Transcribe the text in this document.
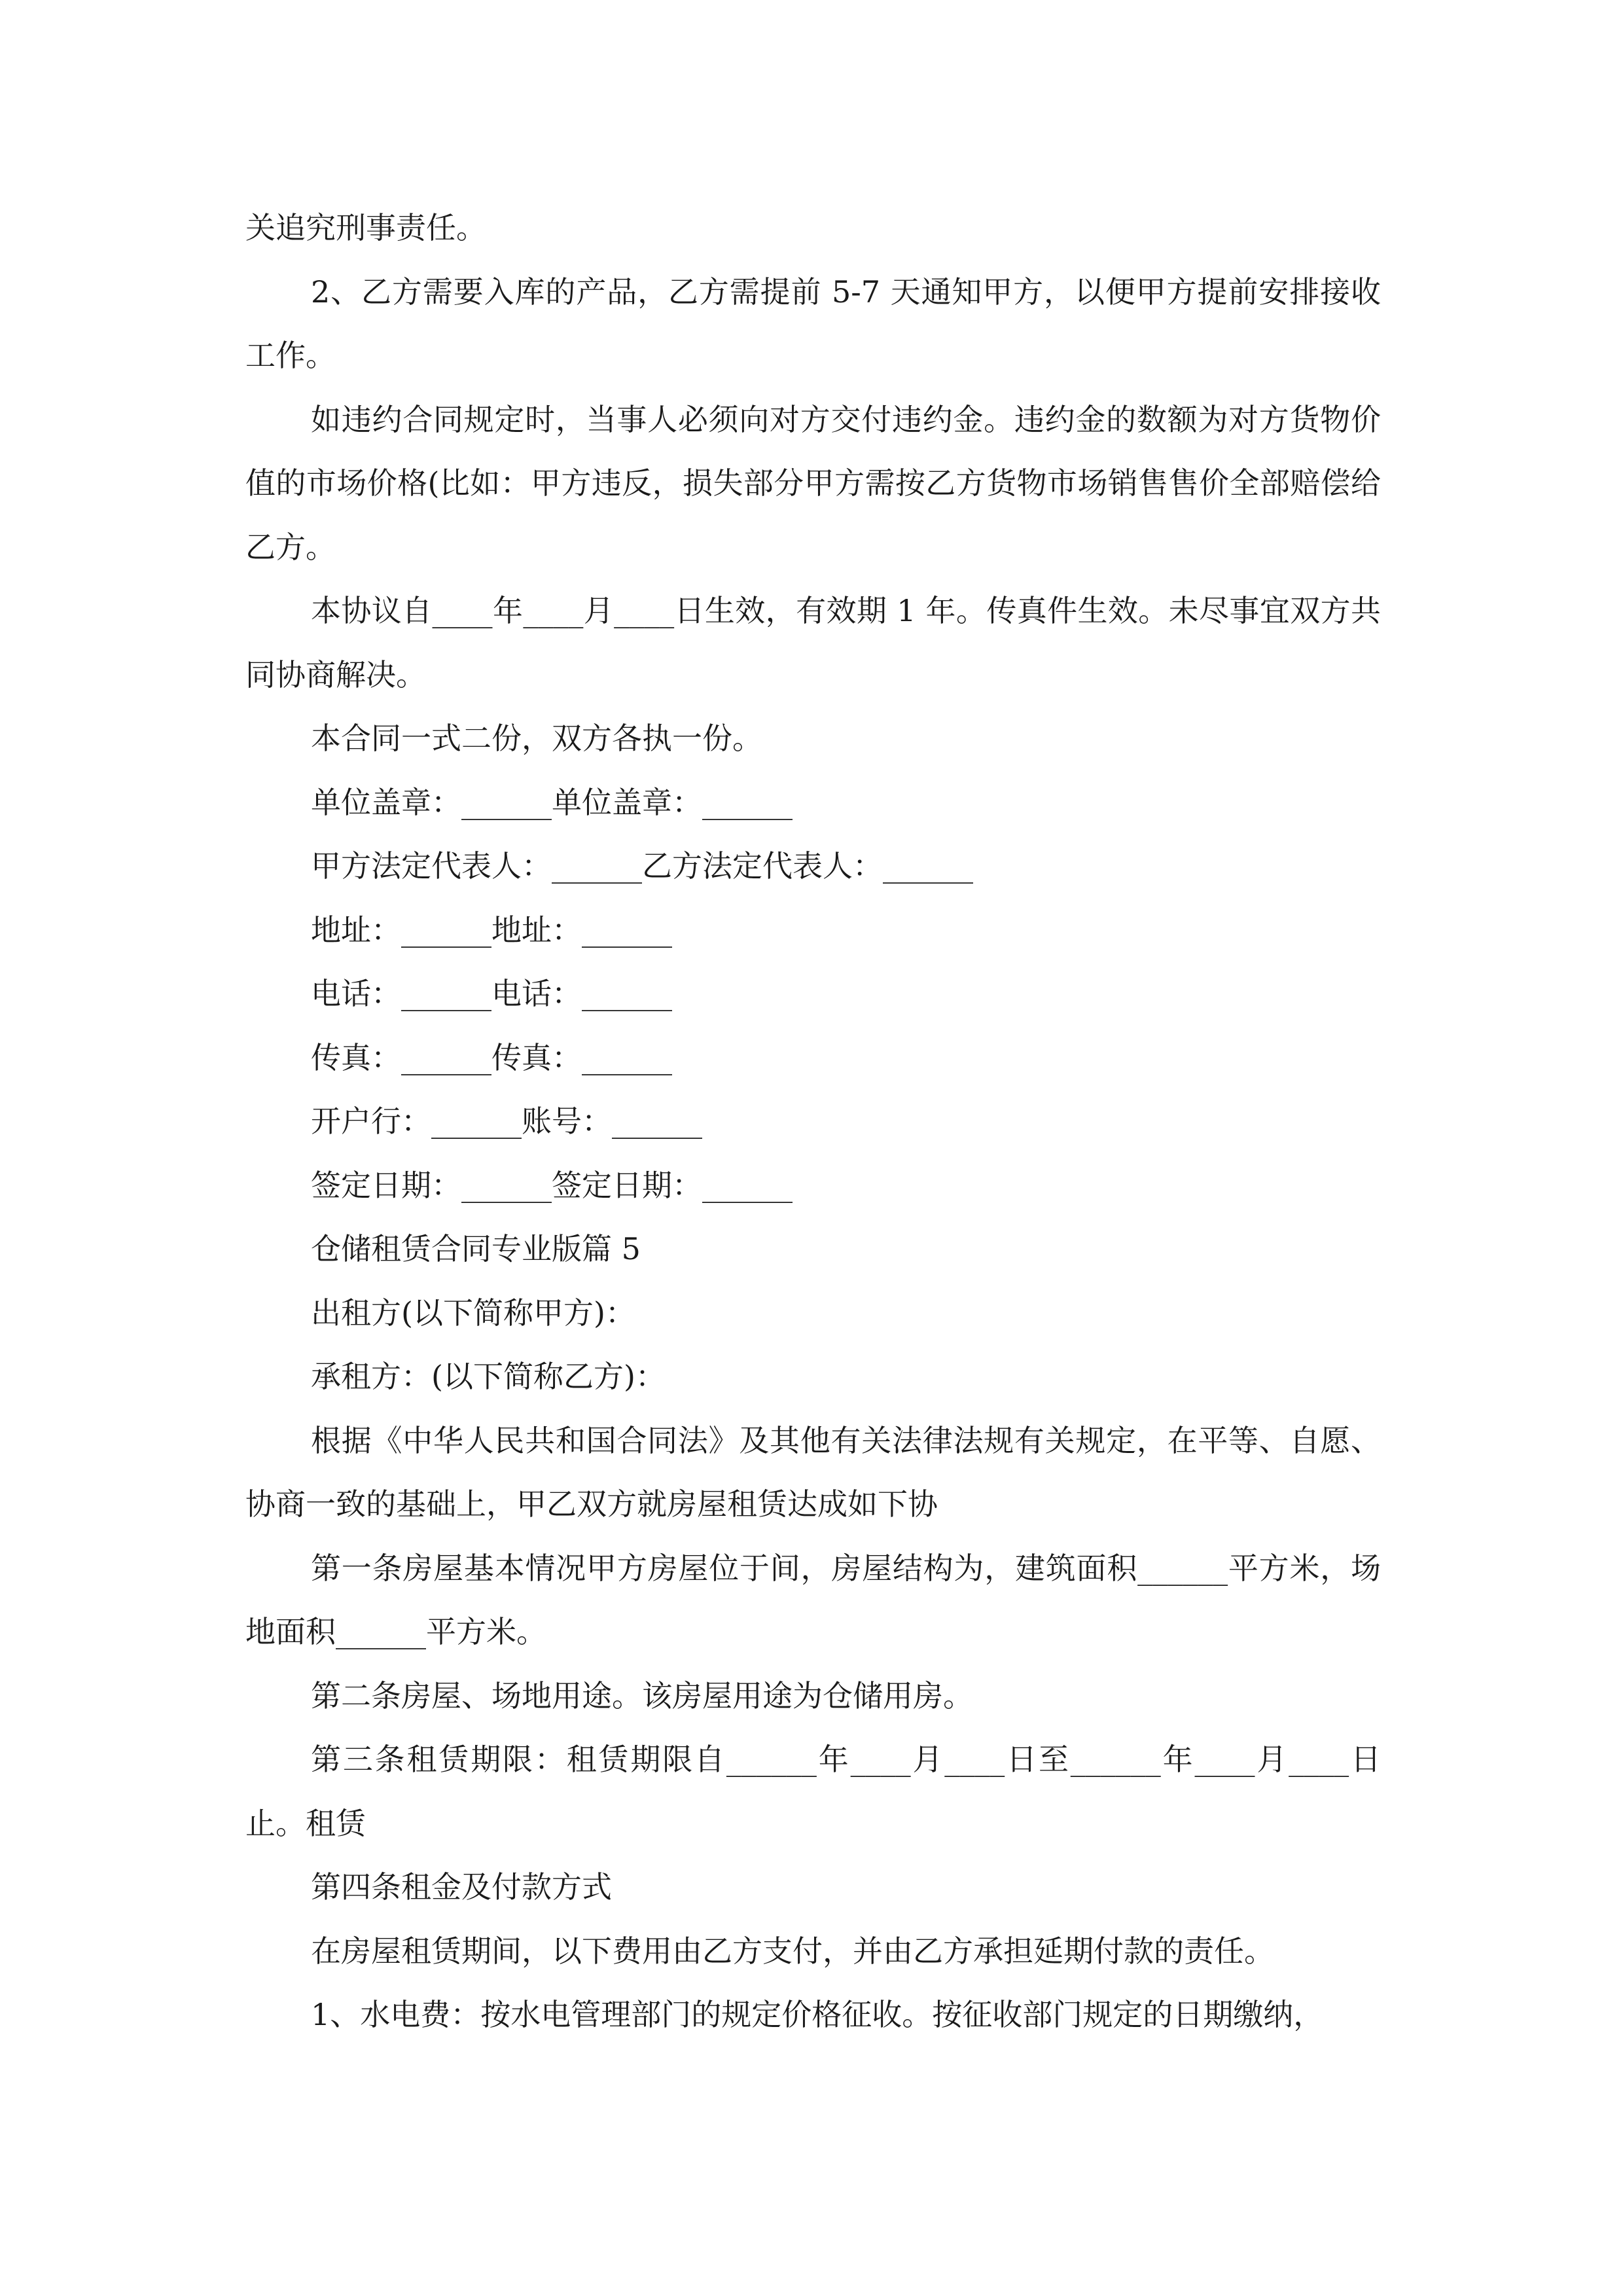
关追究刑事责任。

2、乙方需要入库的产品，乙方需提前 5-7 天通知甲方，以便甲方提前安排接收工作。

如违约合同规定时，当事人必须向对方交付违约金。违约金的数额为对方货物价值的市场价格(比如：甲方违反，损失部分甲方需按乙方货物市场销售售价全部赔偿给乙方。

本协议自____年____月____日生效，有效期 1 年。传真件生效。未尽事宜双方共同协商解决。

本合同一式二份，双方各执一份。

单位盖章：______单位盖章：______

甲方法定代表人：______乙方法定代表人：______

地址：______地址：______

电话：______电话：______

传真：______传真：______

开户行：______账号：______

签定日期：______签定日期：______

仓储租赁合同专业版篇 5

出租方(以下简称甲方)：

承租方：(以下简称乙方)：

根据《中华人民共和国合同法》及其他有关法律法规有关规定，在平等、自愿、协商一致的基础上，甲乙双方就房屋租赁达成如下协

第一条房屋基本情况甲方房屋位于间，房屋结构为，建筑面积______平方米，场地面积______平方米。

第二条房屋、场地用途。该房屋用途为仓储用房。

第三条租赁期限：租赁期限自______年____月____日至______年____月____日止。租赁

第四条租金及付款方式

在房屋租赁期间，以下费用由乙方支付，并由乙方承担延期付款的责任。

1、水电费：按水电管理部门的规定价格征收。按征收部门规定的日期缴纳，
